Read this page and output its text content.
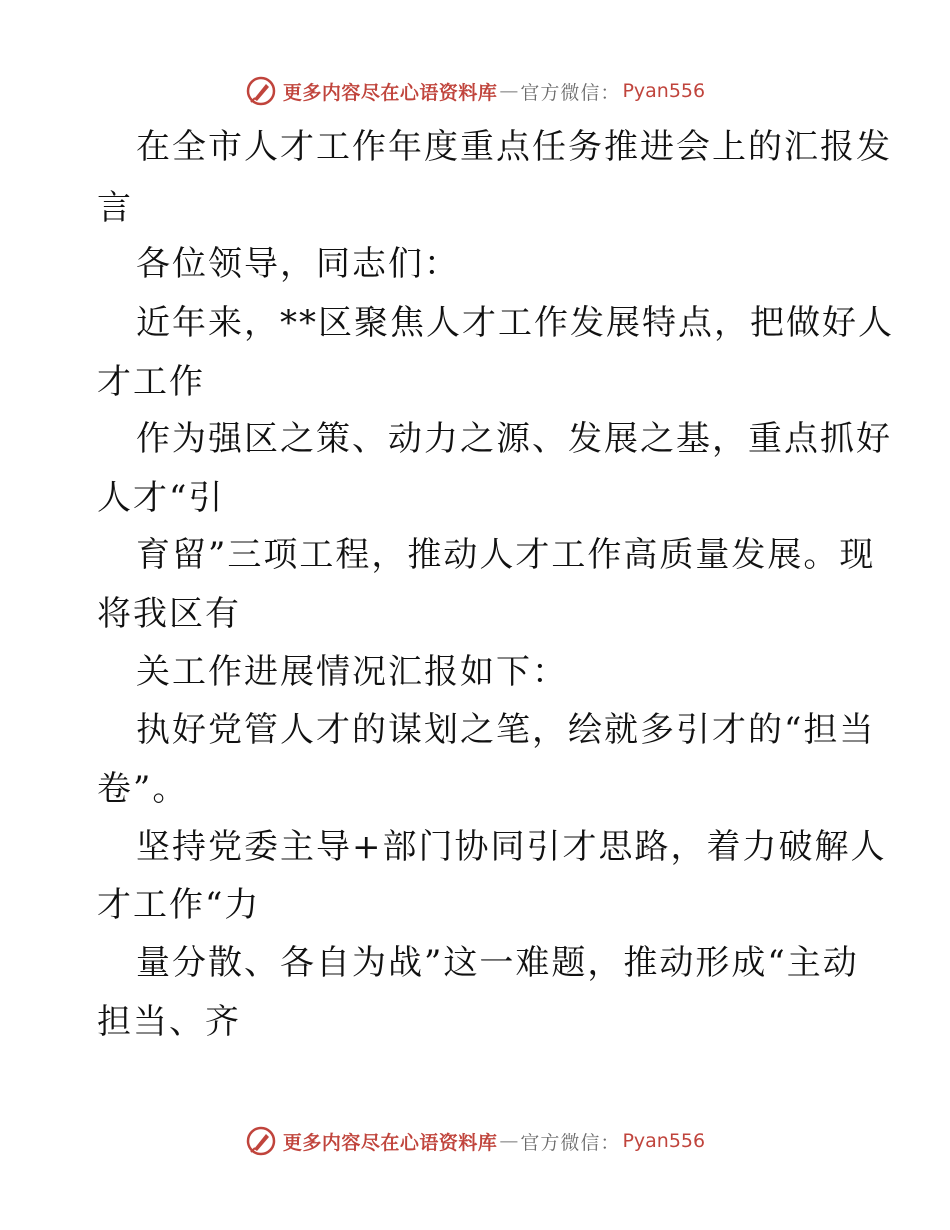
更多内容尽在心语资料库 — 官方微信： Pyan556
在全市人才工作年度重点任务推进会上的汇报发
言
各位领导，同志们：
近年来，**区聚焦人才工作发展特点，把做好人
才工作
作为强区之策、动力之源、发展之基，重点抓好
人才“引
育留”三项工程，推动人才工作高质量发展。现
将我区有
关工作进展情况汇报如下：
执好党管人才的谋划之笔，绘就多引才的“担当
卷”。
坚持党委主导+部门协同引才思路，着力破解人
才工作“力
量分散、各自为战”这一难题，推动形成“主动
担当、齐
更多内容尽在心语资料库 — 官方微信： Pyan556
